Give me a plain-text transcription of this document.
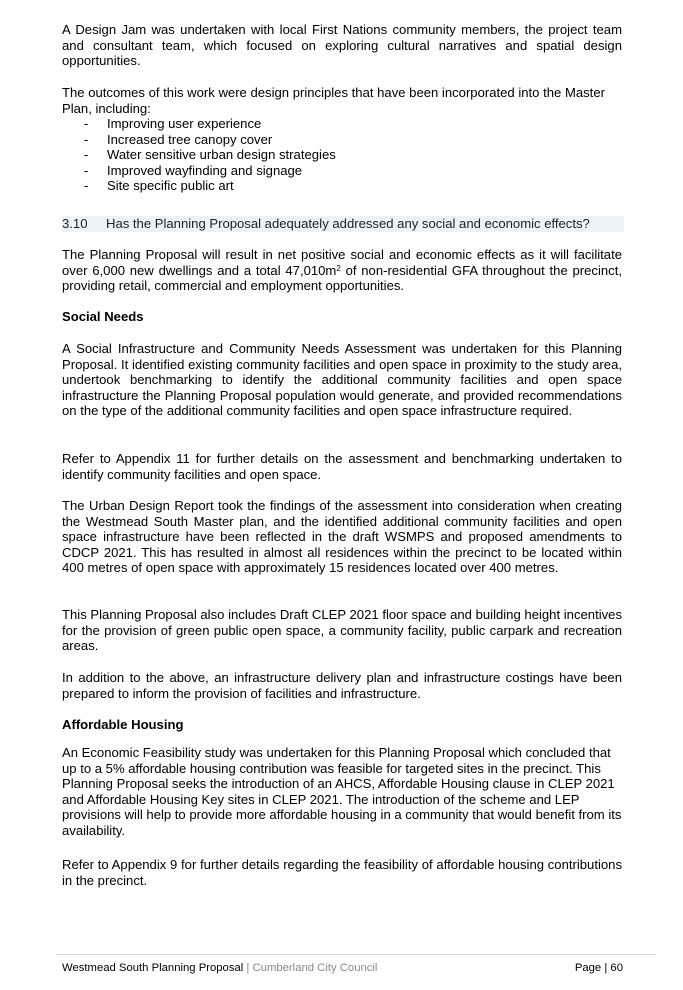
A Design Jam was undertaken with local First Nations community members, the project team and consultant team, which focused on exploring cultural narratives and spatial design opportunities.

The outcomes of this work were design principles that have been incorporated into the Master Plan, including:

- Improving user experience
- Increased tree canopy cover
- Water sensitive urban design strategies
- Improved wayfinding and signage
- Site specific public art
3.10 Has the Planning Proposal adequately addressed any social and economic effects?

The Planning Proposal will result in net positive social and economic effects as it will facilitate over 6,000 new dwellings and a total $47,010m^2$ of non-residential GFA throughout the precinct, providing retail, commercial and employment opportunities.

Social Needs

A Social Infrastructure and Community Needs Assessment was undertaken for this Planning Proposal. It identified existing community facilities and open space in proximity to the study area, undertook benchmarking to identify the additional community facilities and open space infrastructure the Planning Proposal population would generate, and provided recommendations on the type of the additional community facilities and open space infrastructure required.

Refer to Appendix 11 for further details on the assessment and benchmarking undertaken to identify community facilities and open space.

The Urban Design Report took the findings of the assessment into consideration when creating the Westmead South Master plan, and the identified additional community facilities and open space infrastructure have been reflected in the draft WSMPS and proposed amendments to CDCP 2021. This has resulted in almost all residences within the precinct to be located within 400 metres of open space with approximately 15 residences located over 400 metres.

This Planning Proposal also includes Draft CLEP 2021 floor space and building height incentives for the provision of green public open space, a community facility, public carpark and recreation areas.

In addition to the above, an infrastructure delivery plan and infrastructure costings have been prepared to inform the provision of facilities and infrastructure.

Affordable Housing

An Economic Feasibility study was undertaken for this Planning Proposal which concluded that up to a 5% affordable housing contribution was feasible for targeted sites in the precinct. This Planning Proposal seeks the introduction of an AHCS, Affordable Housing clause in CLEP 2021 and Affordable Housing Key sites in CLEP 2021. The introduction of the scheme and LEP provisions will help to provide more affordable housing in a community that would benefit from its availability.

Refer to Appendix 9 for further details regarding the feasibility of affordable housing contributions in the precinct.

Westmead South Planning Proposal | Cumberland City Council	Page | 60
